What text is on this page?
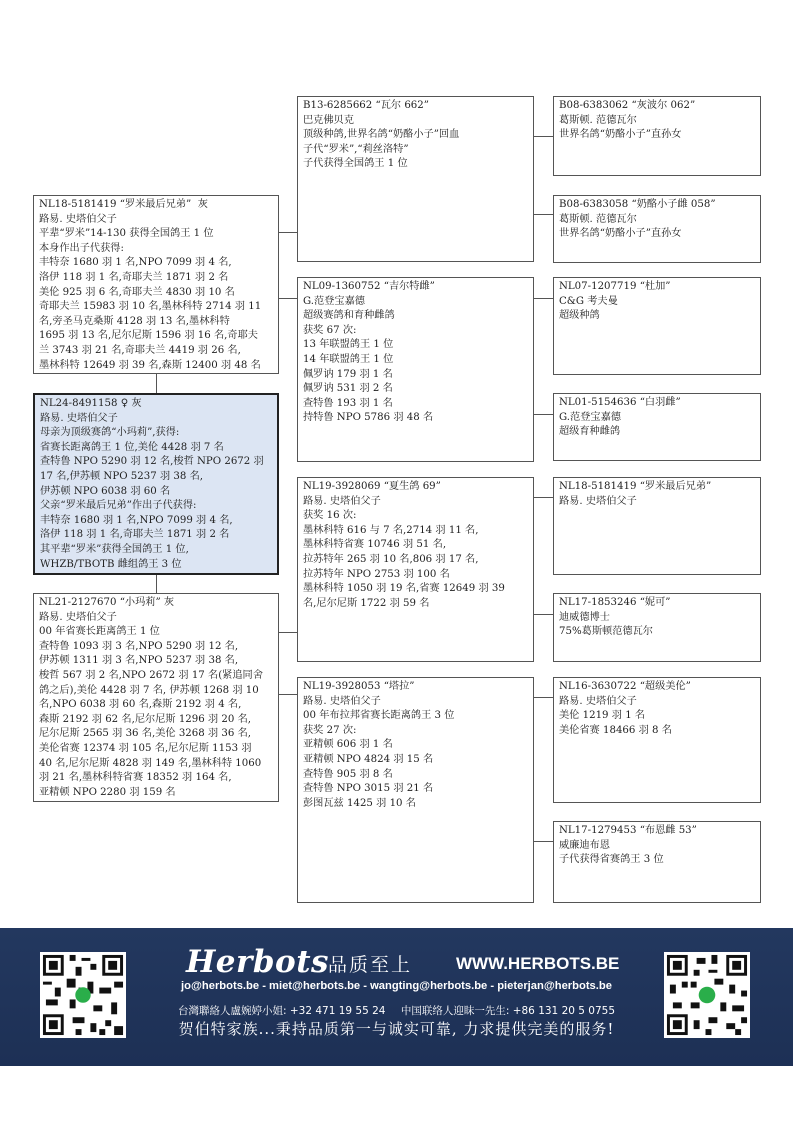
NL18-5181419 “罗米最后兄弟”  灰
路易. 史塔伯父子
平辈“罗米”14-130 获得全国鸽王 1 位
本身作出子代获得:
丰特奈 1680 羽 1 名,NPO 7099 羽 4 名,
洛伊 118 羽 1 名,奇耶夫兰 1871 羽 2 名
美伦 925 羽 6 名,奇耶夫兰 4830 羽 10 名
奇耶夫兰 15983 羽 10 名,墨林科特 2714 羽 11
名,旁圣马克桑斯 4128 羽 13 名,墨林科特
1695 羽 13 名,尼尔尼斯 1596 羽 16 名,奇耶夫
兰 3743 羽 21 名,奇耶夫兰 4419 羽 26 名,
墨林科特 12649 羽 39 名,森斯 12400 羽 48 名
NL24-8491158 ♀ 灰
路易. 史塔伯父子
母亲为顶级赛鸽“小玛莉”,获得:
省赛长距离鸽王 1 位,美伦 4428 羽 7 名
查特鲁 NPO 5290 羽 12 名,梭哲 NPO 2672 羽
17 名,伊苏顿 NPO 5237 羽 38 名,
伊苏顿 NPO 6038 羽 60 名
父亲“罗米最后兄弟”作出子代获得:
丰特奈 1680 羽 1 名,NPO 7099 羽 4 名,
洛伊 118 羽 1 名,奇耶夫兰 1871 羽 2 名
其平辈“罗米”获得全国鸽王 1 位,
WHZB/TBOTB 雌组鸽王 3 位
NL21-2127670 “小玛莉” 灰
路易. 史塔伯父子
00 年省赛长距离鸽王 1 位
查特鲁 1093 羽 3 名,NPO 5290 羽 12 名,
伊苏顿 1311 羽 3 名,NPO 5237 羽 38 名,
梭哲 567 羽 2 名,NPO 2672 羽 17 名(紧追同舍
鸽之后),美伦 4428 羽 7 名, 伊苏顿 1268 羽 10
名,NPO 6038 羽 60 名,森斯 2192 羽 4 名,
森斯 2192 羽 62 名,尼尔尼斯 1296 羽 20 名,
尼尔尼斯 2565 羽 36 名,美伦 3268 羽 36 名,
美伦省赛 12374 羽 105 名,尼尔尼斯 1153 羽
40 名,尼尔尼斯 4828 羽 149 名,墨林科特 1060
羽 21 名,墨林科特省赛 18352 羽 164 名,
亚精顿 NPO 2280 羽 159 名
B13-6285662 “瓦尔 662”
巴克佛贝克
顶级种鸽,世界名鸽“奶酪小子”回血
子代“罗米”,“莉丝洛特”
子代获得全国鸽王 1 位
NL09-1360752 “吉尔特雌”
G.范登宝嘉德
超级赛鸽和育种雌鸽
获奖 67 次:
13 年联盟鸽王 1 位
14 年联盟鸽王 1 位
佩罗讷 179 羽 1 名
佩罗讷 531 羽 2 名
查特鲁 193 羽 1 名
持特鲁 NPO 5786 羽 48 名
NL19-3928069 “夏生鸽 69”
路易. 史塔伯父子
获奖 16 次:
墨林科特 616 与 7 名,2714 羽 11 名,
墨林科特省赛 10746 羽 51 名,
拉苏特年 265 羽 10 名,806 羽 17 名,
拉苏特年 NPO 2753 羽 100 名
墨林科特 1050 羽 19 名,省赛 12649 羽 39
名,尼尔尼斯 1722 羽 59 名
NL19-3928053 “塔拉”
路易. 史塔伯父子
00 年布拉邦省赛长距离鸽王 3 位
获奖 27 次:
亚精顿 606 羽 1 名
亚精顿 NPO 4824 羽 15 名
查特鲁 905 羽 8 名
查特鲁 NPO 3015 羽 21 名
彭图瓦兹 1425 羽 10 名
B08-6383062 “灰波尔 062”
葛斯顿. 范德瓦尔
世界名鸽“奶酪小子”直孙女
B08-6383058 “奶酪小子雌 058”
葛斯顿. 范德瓦尔
世界名鸽“奶酪小子”直孙女
NL07-1207719 “杜加”
C&G 考夫曼
超级种鸽
NL01-5154636 “白羽雌”
G.范登宝嘉德
超级育种雌鸽
NL18-5181419 “罗米最后兄弟”
路易. 史塔伯父子
NL17-1853246 “妮可”
迪威德博士
75%葛斯顿范德瓦尔
NL16-3630722 “超级美伦”
路易. 史塔伯父子
美伦 1219 羽 1 名
美伦省赛 18466 羽 8 名
NL17-1279453 “布恩雌 53”
威廉迪布恩
子代获得省赛鸽王 3 位
Herbots 品质至上	WWW.HERBOTS.BE
jo@herbots.be - miet@herbots.be - wangting@herbots.be - pieterjan@herbots.be
台灣聯絡人盧婉婷小姐: +32 471 19 55 24 中国联络人迎眜一先生: +86 131 20 5 0755
贺伯特家族...秉持品质第一与诚实可靠, 力求提供完美的服务!
